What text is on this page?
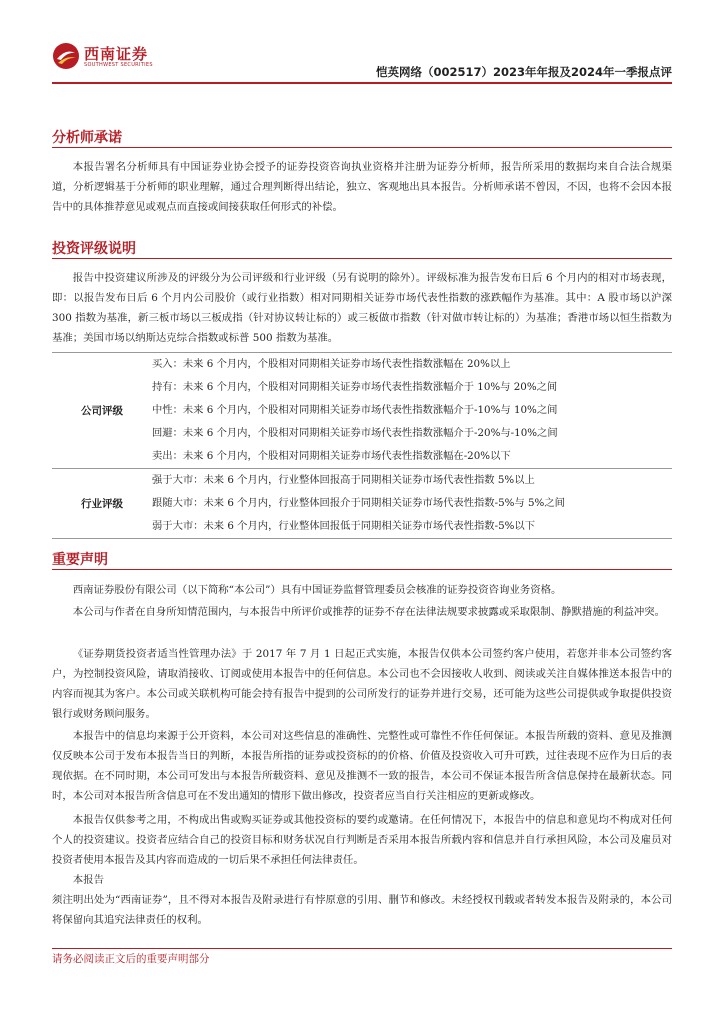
西南证券
SOUTHWEST SECURITIES	恺英网络（002517）2023年年报及2024年一季报点评
分析师承诺

本报告署名分析师具有中国证券业协会授予的证券投资咨询执业资格并注册为证券分析师，报告所采用的数据均来自合法合规渠道，分析逻辑基于分析师的职业理解，通过合理判断得出结论，独立、客观地出具本报告。分析师承诺不曾因，不因，也将不会因本报告中的具体推荐意见或观点而直接或间接获取任何形式的补偿。

投资评级说明

报告中投资建议所涉及的评级分为公司评级和行业评级（另有说明的除外）。评级标准为报告发布日后 6 个月内的相对市场表现，即：以报告发布日后 6 个月内公司股价（或行业指数）相对同期相关证券市场代表性指数的涨跌幅作为基准。其中：A 股市场以沪深 300 指数为基准，新三板市场以三板成指（针对协议转让标的）或三板做市指数（针对做市转让标的）为基准；香港市场以恒生指数为基准；美国市场以纳斯达克综合指数或标普 500 指数为基准。

公司评级
买入：未来 6 个月内，个股相对同期相关证券市场代表性指数涨幅在 20%以上
持有：未来 6 个月内，个股相对同期相关证券市场代表性指数涨幅介于 10%与 20%之间
中性：未来 6 个月内，个股相对同期相关证券市场代表性指数涨幅介于-10%与 10%之间
回避：未来 6 个月内，个股相对同期相关证券市场代表性指数涨幅介于-20%与-10%之间
卖出：未来 6 个月内，个股相对同期相关证券市场代表性指数涨幅在-20%以下
行业评级
强于大市：未来 6 个月内，行业整体回报高于同期相关证券市场代表性指数 5%以上
跟随大市：未来 6 个月内，行业整体回报介于同期相关证券市场代表性指数-5%与 5%之间
弱于大市：未来 6 个月内，行业整体回报低于同期相关证券市场代表性指数-5%以下
重要声明

西南证券股份有限公司（以下简称“本公司”）具有中国证券监督管理委员会核准的证券投资咨询业务资格。

本公司与作者在自身所知情范围内，与本报告中所评价或推荐的证券不存在法律法规要求披露或采取限制、静默措施的利益冲突。

《证券期货投资者适当性管理办法》于 2017 年 7 月 1 日起正式实施，本报告仅供本公司签约客户使用，若您并非本公司签约客户，为控制投资风险，请取消接收、订阅或使用本报告中的任何信息。本公司也不会因接收人收到、阅读或关注自媒体推送本报告中的内容而视其为客户。本公司或关联机构可能会持有报告中提到的公司所发行的证券并进行交易，还可能为这些公司提供或争取提供投资银行或财务顾问服务。

本报告中的信息均来源于公开资料，本公司对这些信息的准确性、完整性或可靠性不作任何保证。本报告所载的资料、意见及推测仅反映本公司于发布本报告当日的判断，本报告所指的证券或投资标的的价格、价值及投资收入可升可跌，过往表现不应作为日后的表现依据。在不同时期，本公司可发出与本报告所载资料、意见及推测不一致的报告，本公司不保证本报告所含信息保持在最新状态。同时，本公司对本报告所含信息可在不发出通知的情形下做出修改，投资者应当自行关注相应的更新或修改。

本报告仅供参考之用，不构成出售或购买证券或其他投资标的要约或邀请。在任何情况下，本报告中的信息和意见均不构成对任何个人的投资建议。投资者应结合自己的投资目标和财务状况自行判断是否采用本报告所载内容和信息并自行承担风险，本公司及雇员对投资者使用本报告及其内容而造成的一切后果不承担任何法律责任。

本报告

须注明出处为“西南证券”，且不得对本报告及附录进行有悖原意的引用、删节和修改。未经授权刊载或者转发本报告及附录的，本公司将保留向其追究法律责任的权利。

请务必阅读正文后的重要声明部分
